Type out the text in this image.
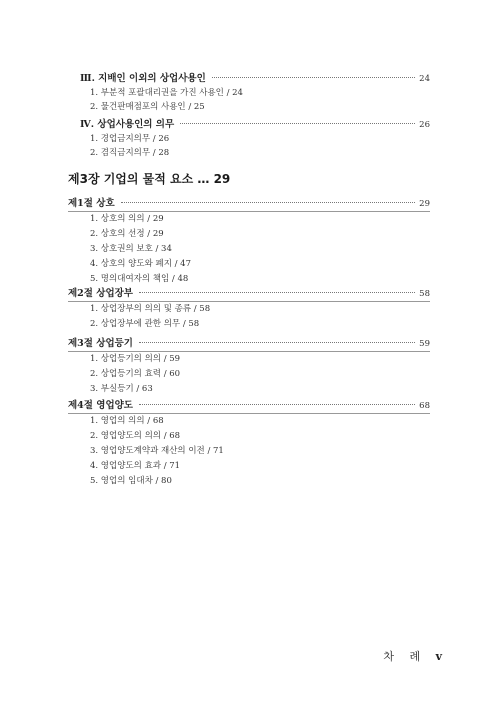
Ⅲ. 지배인 이외의 상업사용인	24
1. 부분적 포괄대리권을 가진 사용인 / 24
2. 물건판매점포의 사용인 / 25
Ⅳ. 상업사용인의 의무	26
1. 경업금지의무 / 26
2. 겸직금지의무 / 28
제3장 기업의 물적 요소 … 29
제1절 상호	29
1. 상호의 의의 / 29
2. 상호의 선정 / 29
3. 상호권의 보호 / 34
4. 상호의 양도와 폐지 / 47
5. 명의대여자의 책임 / 48
제2절 상업장부	58
1. 상업장부의 의의 및 종류 / 58
2. 상업장부에 관한 의무 / 58
제3절 상업등기	59
1. 상업등기의 의의 / 59
2. 상업등기의 효력 / 60
3. 부실등기 / 63
제4절 영업양도	68
1. 영업의 의의 / 68
2. 영업양도의 의의 / 68
3. 영업양도계약과 재산의 이전 / 71
4. 영업양도의 효과 / 71
5. 영업의 임대차 / 80
차 례 v
